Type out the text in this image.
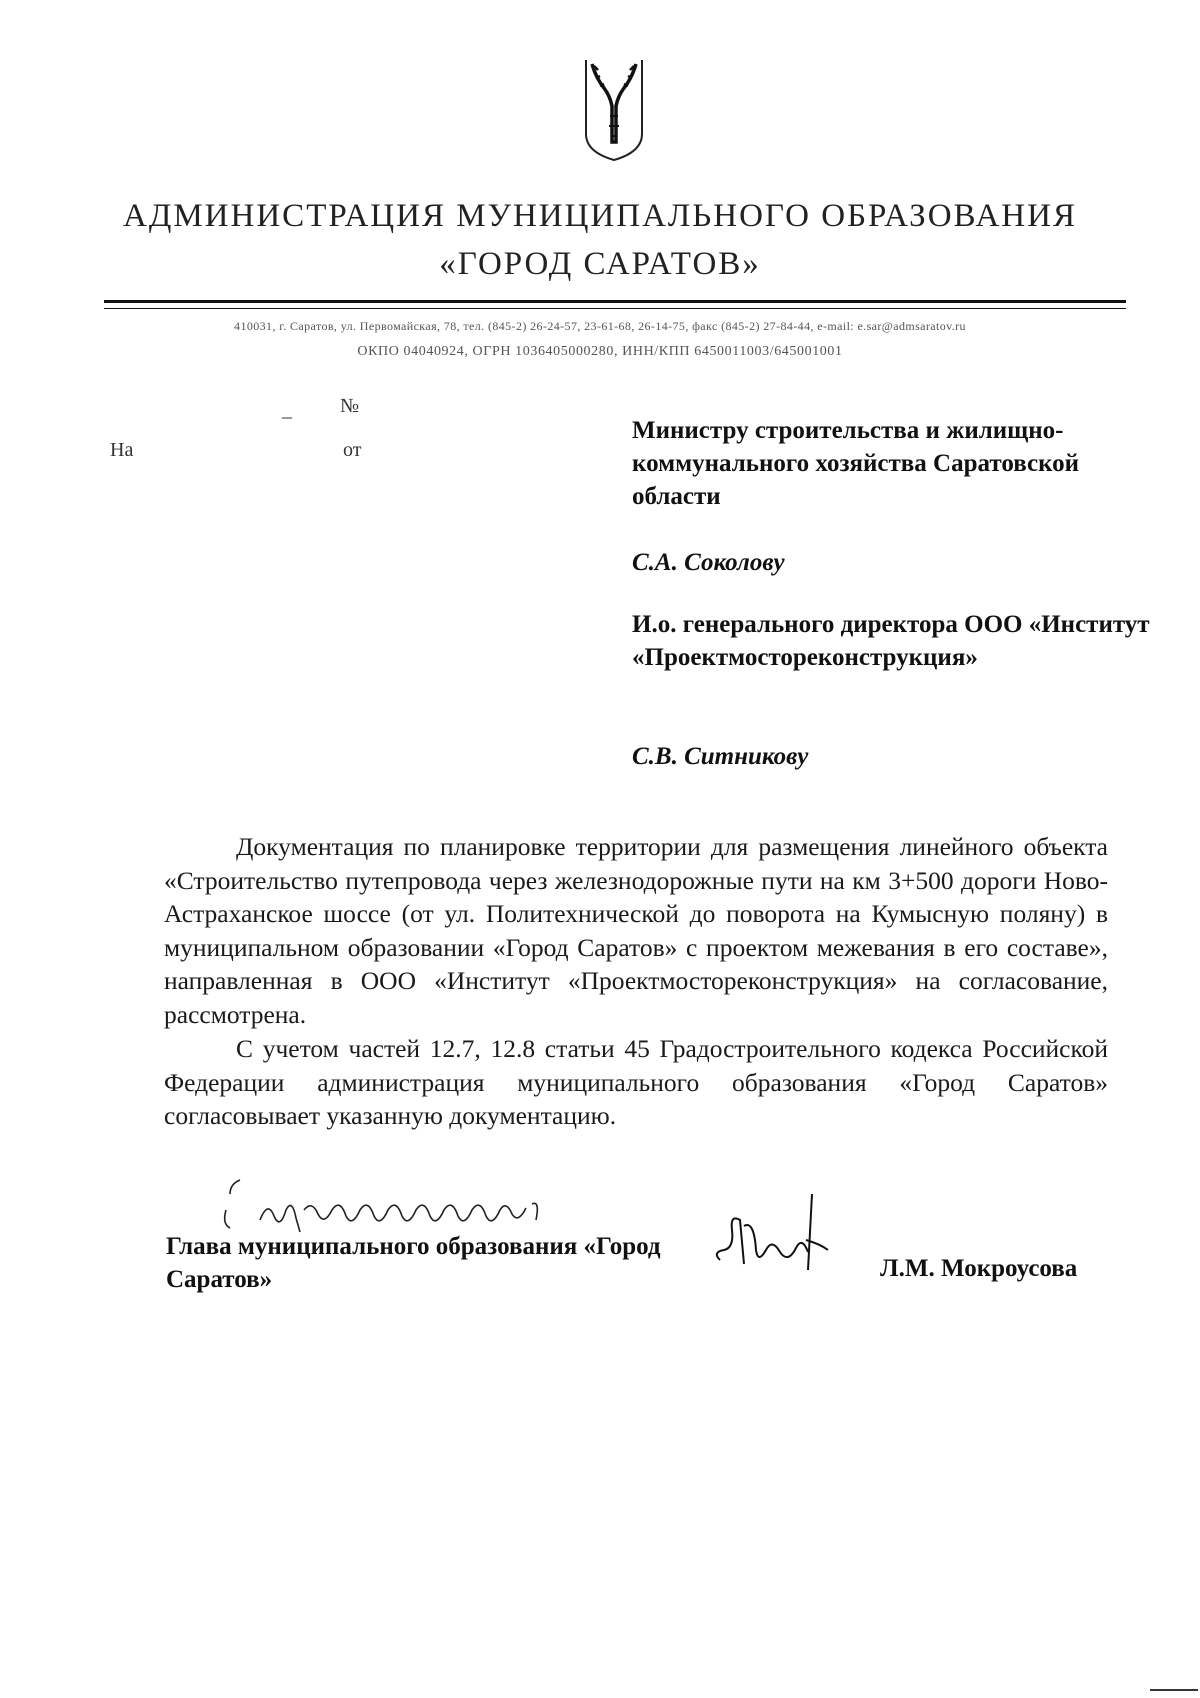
АДМИНИСТРАЦИЯ МУНИЦИПАЛЬНОГО ОБРАЗОВАНИЯ
«ГОРОД САРАТОВ»
410031, г. Саратов, ул. Первомайская, 78, тел. (845-2) 26-24-57, 23-61-68, 26-14-75, факс (845-2) 27-84-44, e-mail: e.sar@admsaratov.ru
ОКПО 04040924, ОГРН 1036405000280, ИНН/КПП 6450011003/645001001
_ №
На	от
Министру строительства и жилищно-коммунального хозяйства Саратовской области
С.А. Соколову
И.о. генерального директора ООО «Институт «Проектмостореконструкция»
С.В. Ситникову

Документация по планировке территории для размещения линейного объекта «Строительство путепровода через железнодорожные пути на км 3+500 дороги Ново-Астраханское шоссе (от ул. Политехнической до поворота на Кумысную поляну) в муниципальном образовании «Город Саратов» с проектом межевания в его составе», направленная в ООО «Институт «Проектмостореконструкция» на согласование, рассмотрена.

С учетом частей 12.7, 12.8 статьи 45 Градостроительного кодекса Российской Федерации администрация муниципального образования «Город Саратов» согласовывает указанную документацию.

Глава муниципального образования «Город Саратов»	Л.М. Мокроусова
